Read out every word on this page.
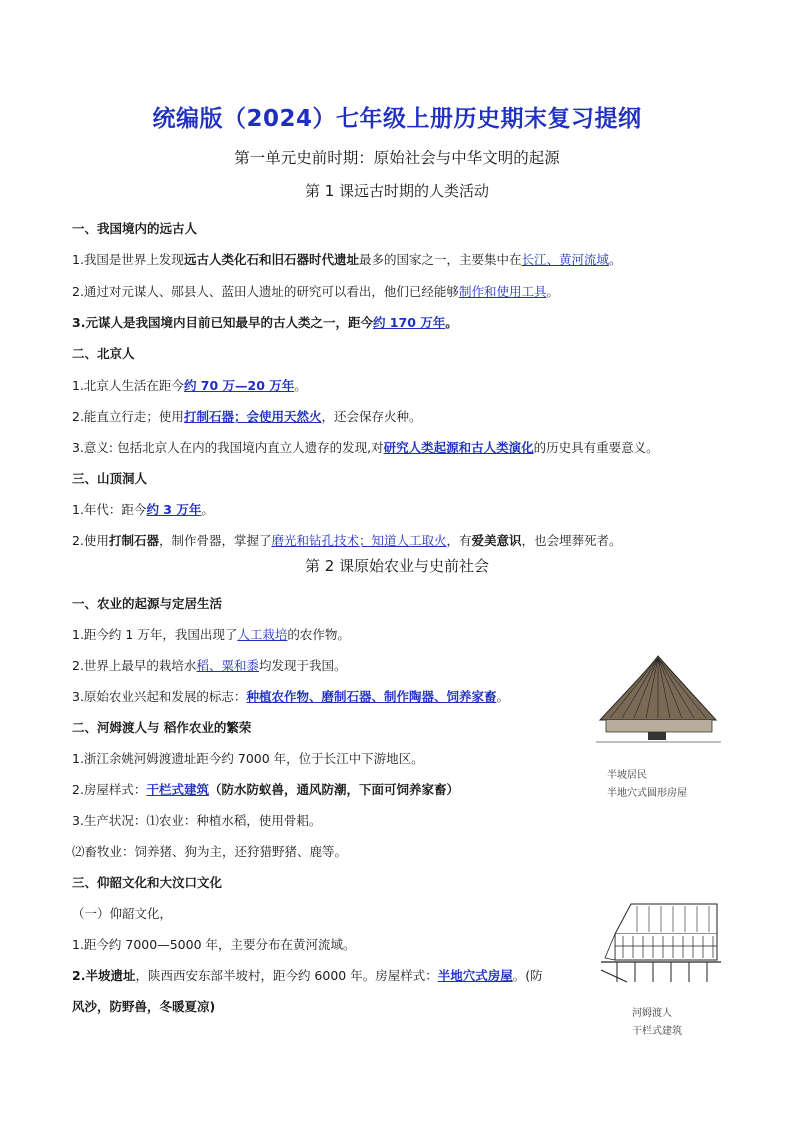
统编版（2024）七年级上册历史期末复习提纲
第一单元史前时期：原始社会与中华文明的起源
第 1 课远古时期的人类活动
一、我国境内的远古人
1.我国是世界上发现远古人类化石和旧石器时代遗址最多的国家之一，主要集中在长江、黄河流域。
2.通过对元谋人、郧县人、蓝田人遗址的研究可以看出，他们已经能够制作和使用工具。
3.元谋人是我国境内目前已知最早的古人类之一，距今约 170 万年。
二、北京人
1.北京人生活在距今约 70 万—20 万年。
2.能直立行走；使用打制石器；会使用天然火，还会保存火种。
3.意义: 包括北京人在内的我国境内直立人遗存的发现,对研究人类起源和古人类演化的历史具有重要意义。
三、山顶洞人
1.年代：距今约 3 万年。
2.使用打制石器，制作骨器，掌握了磨光和钻孔技术；知道人工取火，有爱美意识，也会埋葬死者。
第 2 课原始农业与史前社会
一、农业的起源与定居生活
1.距今约 1 万年，我国出现了人工栽培的农作物。
2.世界上最早的栽培水稻、粟和黍均发现于我国。
3.原始农业兴起和发展的标志：种植农作物、磨制石器、制作陶器、饲养家畜。
二、河姆渡人与 稻作农业的繁荣
1.浙江余姚河姆渡遗址距今约 7000 年，位于长江中下游地区。
2.房屋样式：干栏式建筑（防水防蚁兽，通风防潮，下面可饲养家畜）
3.生产状况：⑴农业：种植水稻，使用骨耜。
⑵畜牧业：饲养猪、狗为主，还狩猎野猪、鹿等。
三、仰韶文化和大汶口文化
（一）仰韶文化，
1.距今约 7000—5000 年，主要分布在黄河流域。
2.半坡遗址，陕西西安东部半坡村，距今约 6000 年。房屋样式：半地穴式房屋。(防
风沙，防野兽，冬暖夏凉)
半坡居民
半地穴式圆形房屋
河姆渡人
干栏式建筑
